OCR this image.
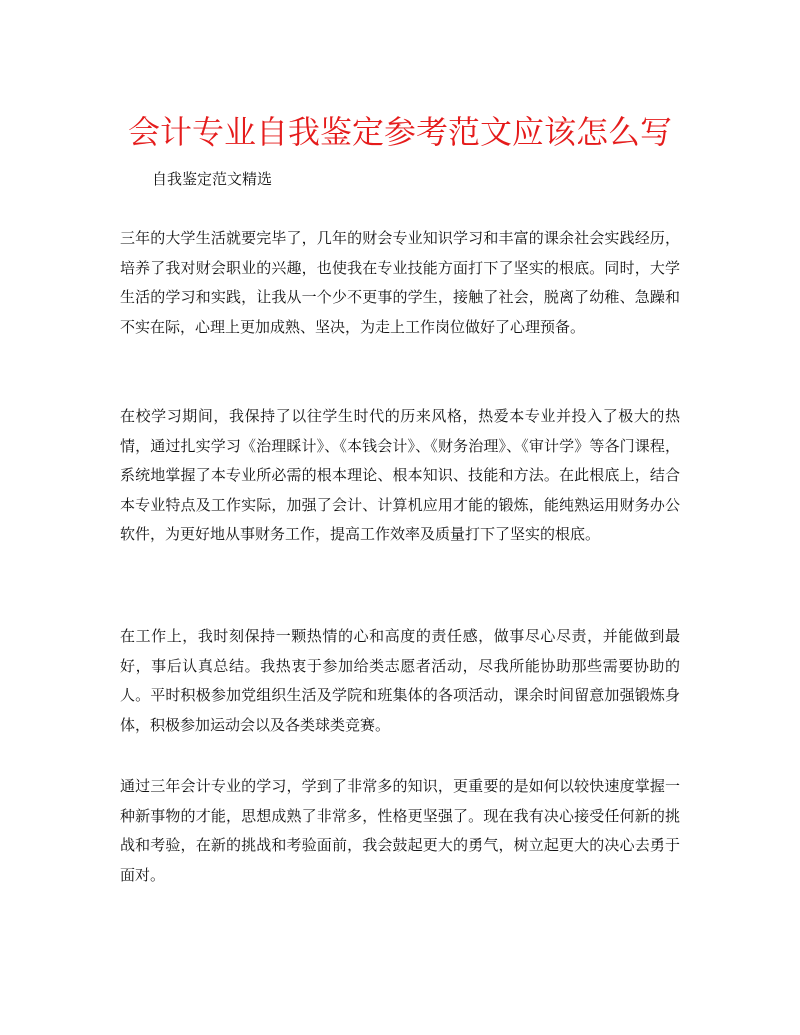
会计专业自我鉴定参考范文应该怎么写
自我鉴定范文精选

三年的大学生活就要完毕了，几年的财会专业知识学习和丰富的课余社会实践经历，培养了我对财会职业的兴趣，也使我在专业技能方面打下了坚实的根底。同时，大学生活的学习和实践，让我从一个少不更事的学生，接触了社会，脱离了幼稚、急躁和不实在际，心理上更加成熟、坚决，为走上工作岗位做好了心理预备。

在校学习期间，我保持了以往学生时代的历来风格，热爱本专业并投入了极大的热情，通过扎实学习《治理睬计》、《本钱会计》、《财务治理》、《审计学》等各门课程，系统地掌握了本专业所必需的根本理论、根本知识、技能和方法。在此根底上，结合本专业特点及工作实际，加强了会计、计算机应用才能的锻炼，能纯熟运用财务办公软件，为更好地从事财务工作，提高工作效率及质量打下了坚实的根底。

在工作上，我时刻保持一颗热情的心和高度的责任感，做事尽心尽责，并能做到最好，事后认真总结。我热衷于参加给类志愿者活动，尽我所能协助那些需要协助的人。平时积极参加党组织生活及学院和班集体的各项活动，课余时间留意加强锻炼身体，积极参加运动会以及各类球类竞赛。

通过三年会计专业的学习，学到了非常多的知识，更重要的是如何以较快速度掌握一种新事物的才能，思想成熟了非常多，性格更坚强了。现在我有决心接受任何新的挑战和考验，在新的挑战和考验面前，我会鼓起更大的勇气，树立起更大的决心去勇于面对。
